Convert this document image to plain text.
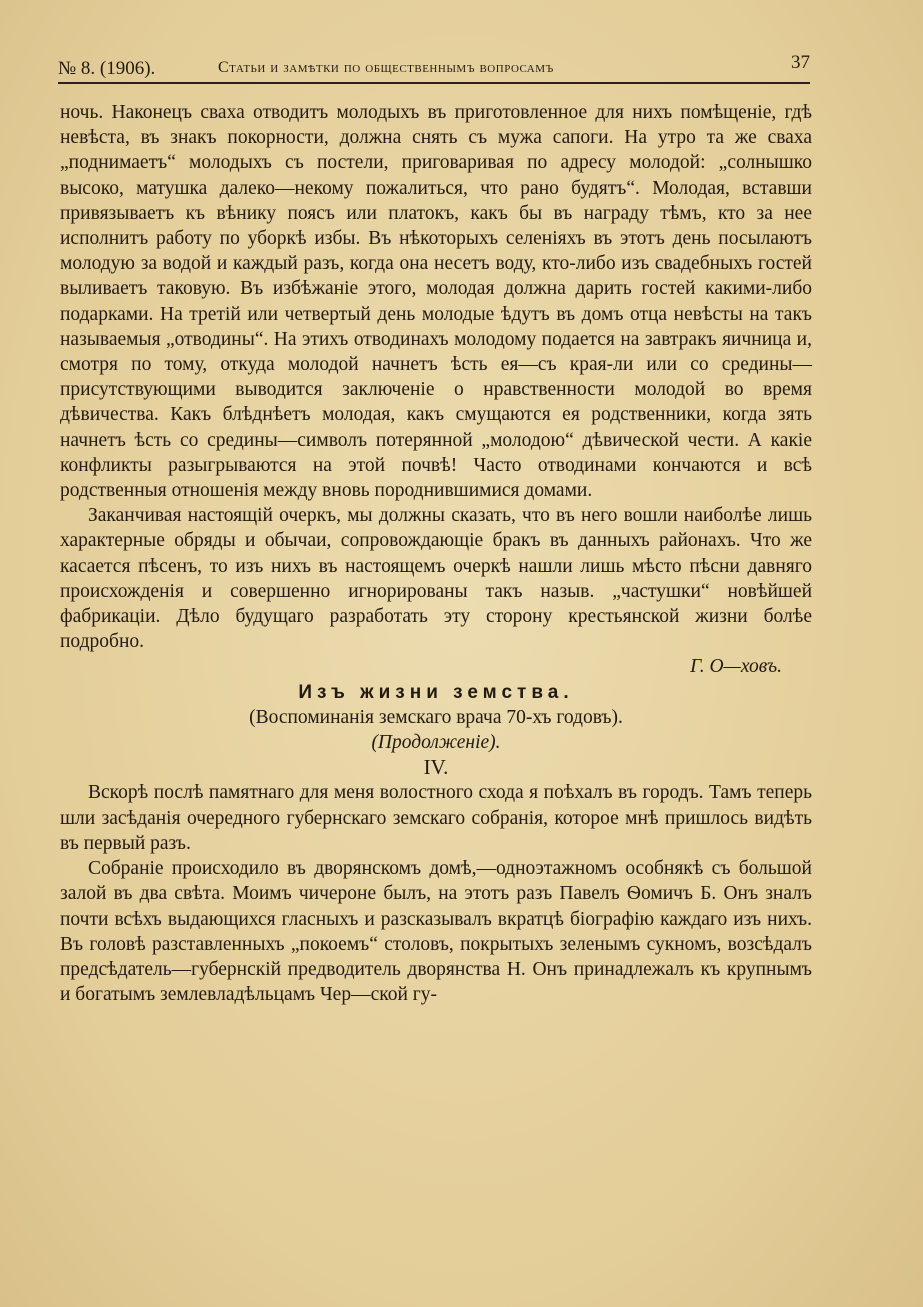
№ 8. (1906).	Статьи и замѣтки по общественнымъ вопросамъ	37

ночь. Наконецъ сваха отводитъ молодыхъ въ приготовленное для нихъ помѣщеніе, гдѣ невѣста, въ знакъ покорности, должна снять съ мужа сапоги. На утро та же сваха „поднимаетъ“ молодыхъ съ постели, приговаривая по адресу молодой: „солнышко высоко, матушка далеко—некому пожалиться, что рано будятъ“. Молодая, вставши привязываетъ къ вѣнику поясъ или платокъ, какъ бы въ награду тѣмъ, кто за нее исполнитъ работу по уборкѣ избы. Въ нѣкоторыхъ селеніяхъ въ этотъ день посылаютъ молодую за водой и каждый разъ, когда она несетъ воду, кто-либо изъ свадебныхъ гостей выливаетъ таковую. Въ избѣжаніе этого, молодая должна дарить гостей какими-либо подарками. На третій или четвертый день молодые ѣдутъ въ домъ отца невѣсты на такъ называемыя „отводины“. На этихъ отводинахъ молодому подается на завтракъ яичница и, смотря по тому, откуда молодой начнетъ ѣсть ея—съ края-ли или со средины—присутствующими выводится заключеніе о нравственности молодой во время дѣвичества. Какъ блѣднѣетъ молодая, какъ смущаются ея родственники, когда зять начнетъ ѣсть со средины—символъ потерянной „молодою“ дѣвической чести. А какіе конфликты разыгрываются на этой почвѣ! Часто отводинами кончаются и всѣ родственныя отношенія между вновь породнившимися домами.

Заканчивая настоящій очеркъ, мы должны сказать, что въ него вошли наиболѣе лишь характерные обряды и обычаи, сопровождающіе бракъ въ данныхъ районахъ. Что же касается пѣсенъ, то изъ нихъ въ настоящемъ очеркѣ нашли лишь мѣсто пѣсни давняго происхожденія и совершенно игнорированы такъ назыв. „частушки“ новѣйшей фабрикаціи. Дѣло будущаго разработать эту сторону крестьянской жизни болѣе подробно.

Г. О—ховъ.

Изъ жизни земства.

(Воспоминанія земскаго врача 70-хъ годовъ).

(Продолженіе).

IV.

Вскорѣ послѣ памятнаго для меня волостного схода я поѣхалъ въ городъ. Тамъ теперь шли засѣданія очередного губернскаго земскаго собранія, которое мнѣ пришлось видѣть въ первый разъ.

Собраніе происходило въ дворянскомъ домѣ,—одноэтажномъ особнякѣ съ большой залой въ два свѣта. Моимъ чичероне былъ, на этотъ разъ Павелъ Ѳомичъ Б. Онъ зналъ почти всѣхъ выдающихся гласныхъ и разсказывалъ вкратцѣ біографію каждаго изъ нихъ. Въ головѣ разставленныхъ „покоемъ“ столовъ, покрытыхъ зеленымъ сукномъ, возсѣдалъ предсѣдатель—губернскій предводитель дворянства Н. Онъ принадлежалъ къ крупнымъ и богатымъ землевладѣльцамъ Чер—ской гу-
